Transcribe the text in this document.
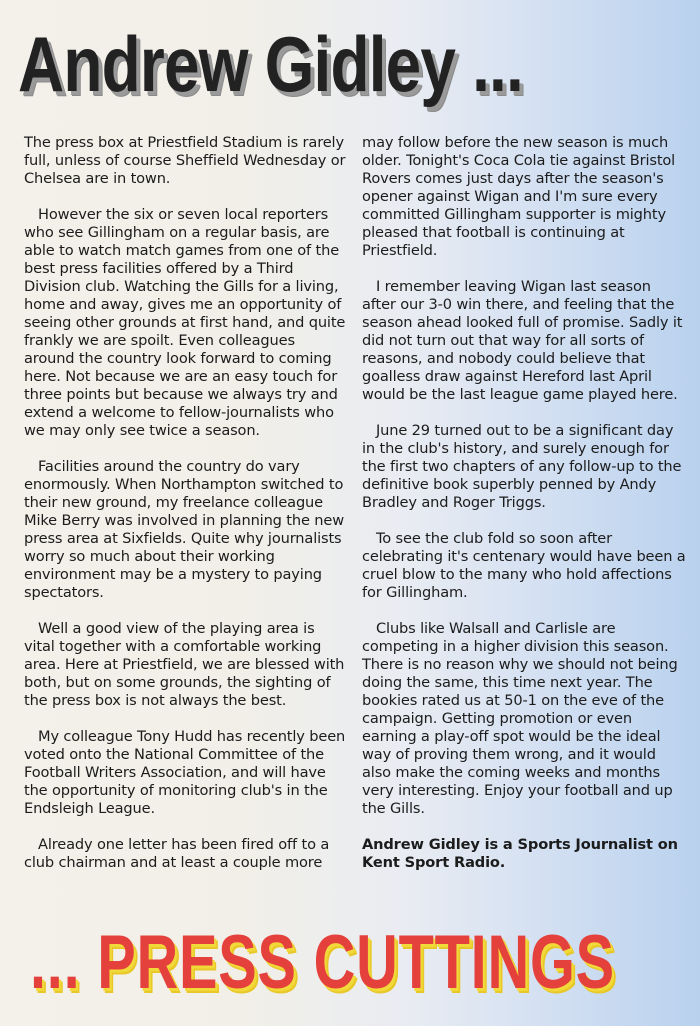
Andrew Gidley ...

The press box at Priestfield Stadium is rarely full, unless of course Sheffield Wednesday or Chelsea are in town.

However the six or seven local reporters who see Gillingham on a regular basis, are able to watch match games from one of the best press facilities offered by a Third Division club. Watching the Gills for a living, home and away, gives me an opportunity of seeing other grounds at first hand, and quite frankly we are spoilt. Even colleagues around the country look forward to coming here. Not because we are an easy touch for three points but because we always try and extend a welcome to fellow-journalists who we may only see twice a season.

Facilities around the country do vary enormously. When Northampton switched to their new ground, my freelance colleague Mike Berry was involved in planning the new press area at Sixfields. Quite why journalists worry so much about their working environment may be a mystery to paying spectators.

Well a good view of the playing area is vital together with a comfortable working area. Here at Priestfield, we are blessed with both, but on some grounds, the sighting of the press box is not always the best.

My colleague Tony Hudd has recently been voted onto the National Committee of the Football Writers Association, and will have the opportunity of monitoring club's in the Endsleigh League.

Already one letter has been fired off to a club chairman and at least a couple more

may follow before the new season is much older. Tonight's Coca Cola tie against Bristol Rovers comes just days after the season's opener against Wigan and I'm sure every committed Gillingham supporter is mighty pleased that football is continuing at Priestfield.

I remember leaving Wigan last season after our 3-0 win there, and feeling that the season ahead looked full of promise. Sadly it did not turn out that way for all sorts of reasons, and nobody could believe that goalless draw against Hereford last April would be the last league game played here.

June 29 turned out to be a significant day in the club's history, and surely enough for the first two chapters of any follow-up to the definitive book superbly penned by Andy Bradley and Roger Triggs.

To see the club fold so soon after celebrating it's centenary would have been a cruel blow to the many who hold affections for Gillingham.

Clubs like Walsall and Carlisle are competing in a higher division this season. There is no reason why we should not being doing the same, this time next year. The bookies rated us at 50-1 on the eve of the campaign. Getting promotion or even earning a play-off spot would be the ideal way of proving them wrong, and it would also make the coming weeks and months very interesting. Enjoy your football and up the Gills.

Andrew Gidley is a Sports Journalist on Kent Sport Radio.

... PRESS CUTTINGS
